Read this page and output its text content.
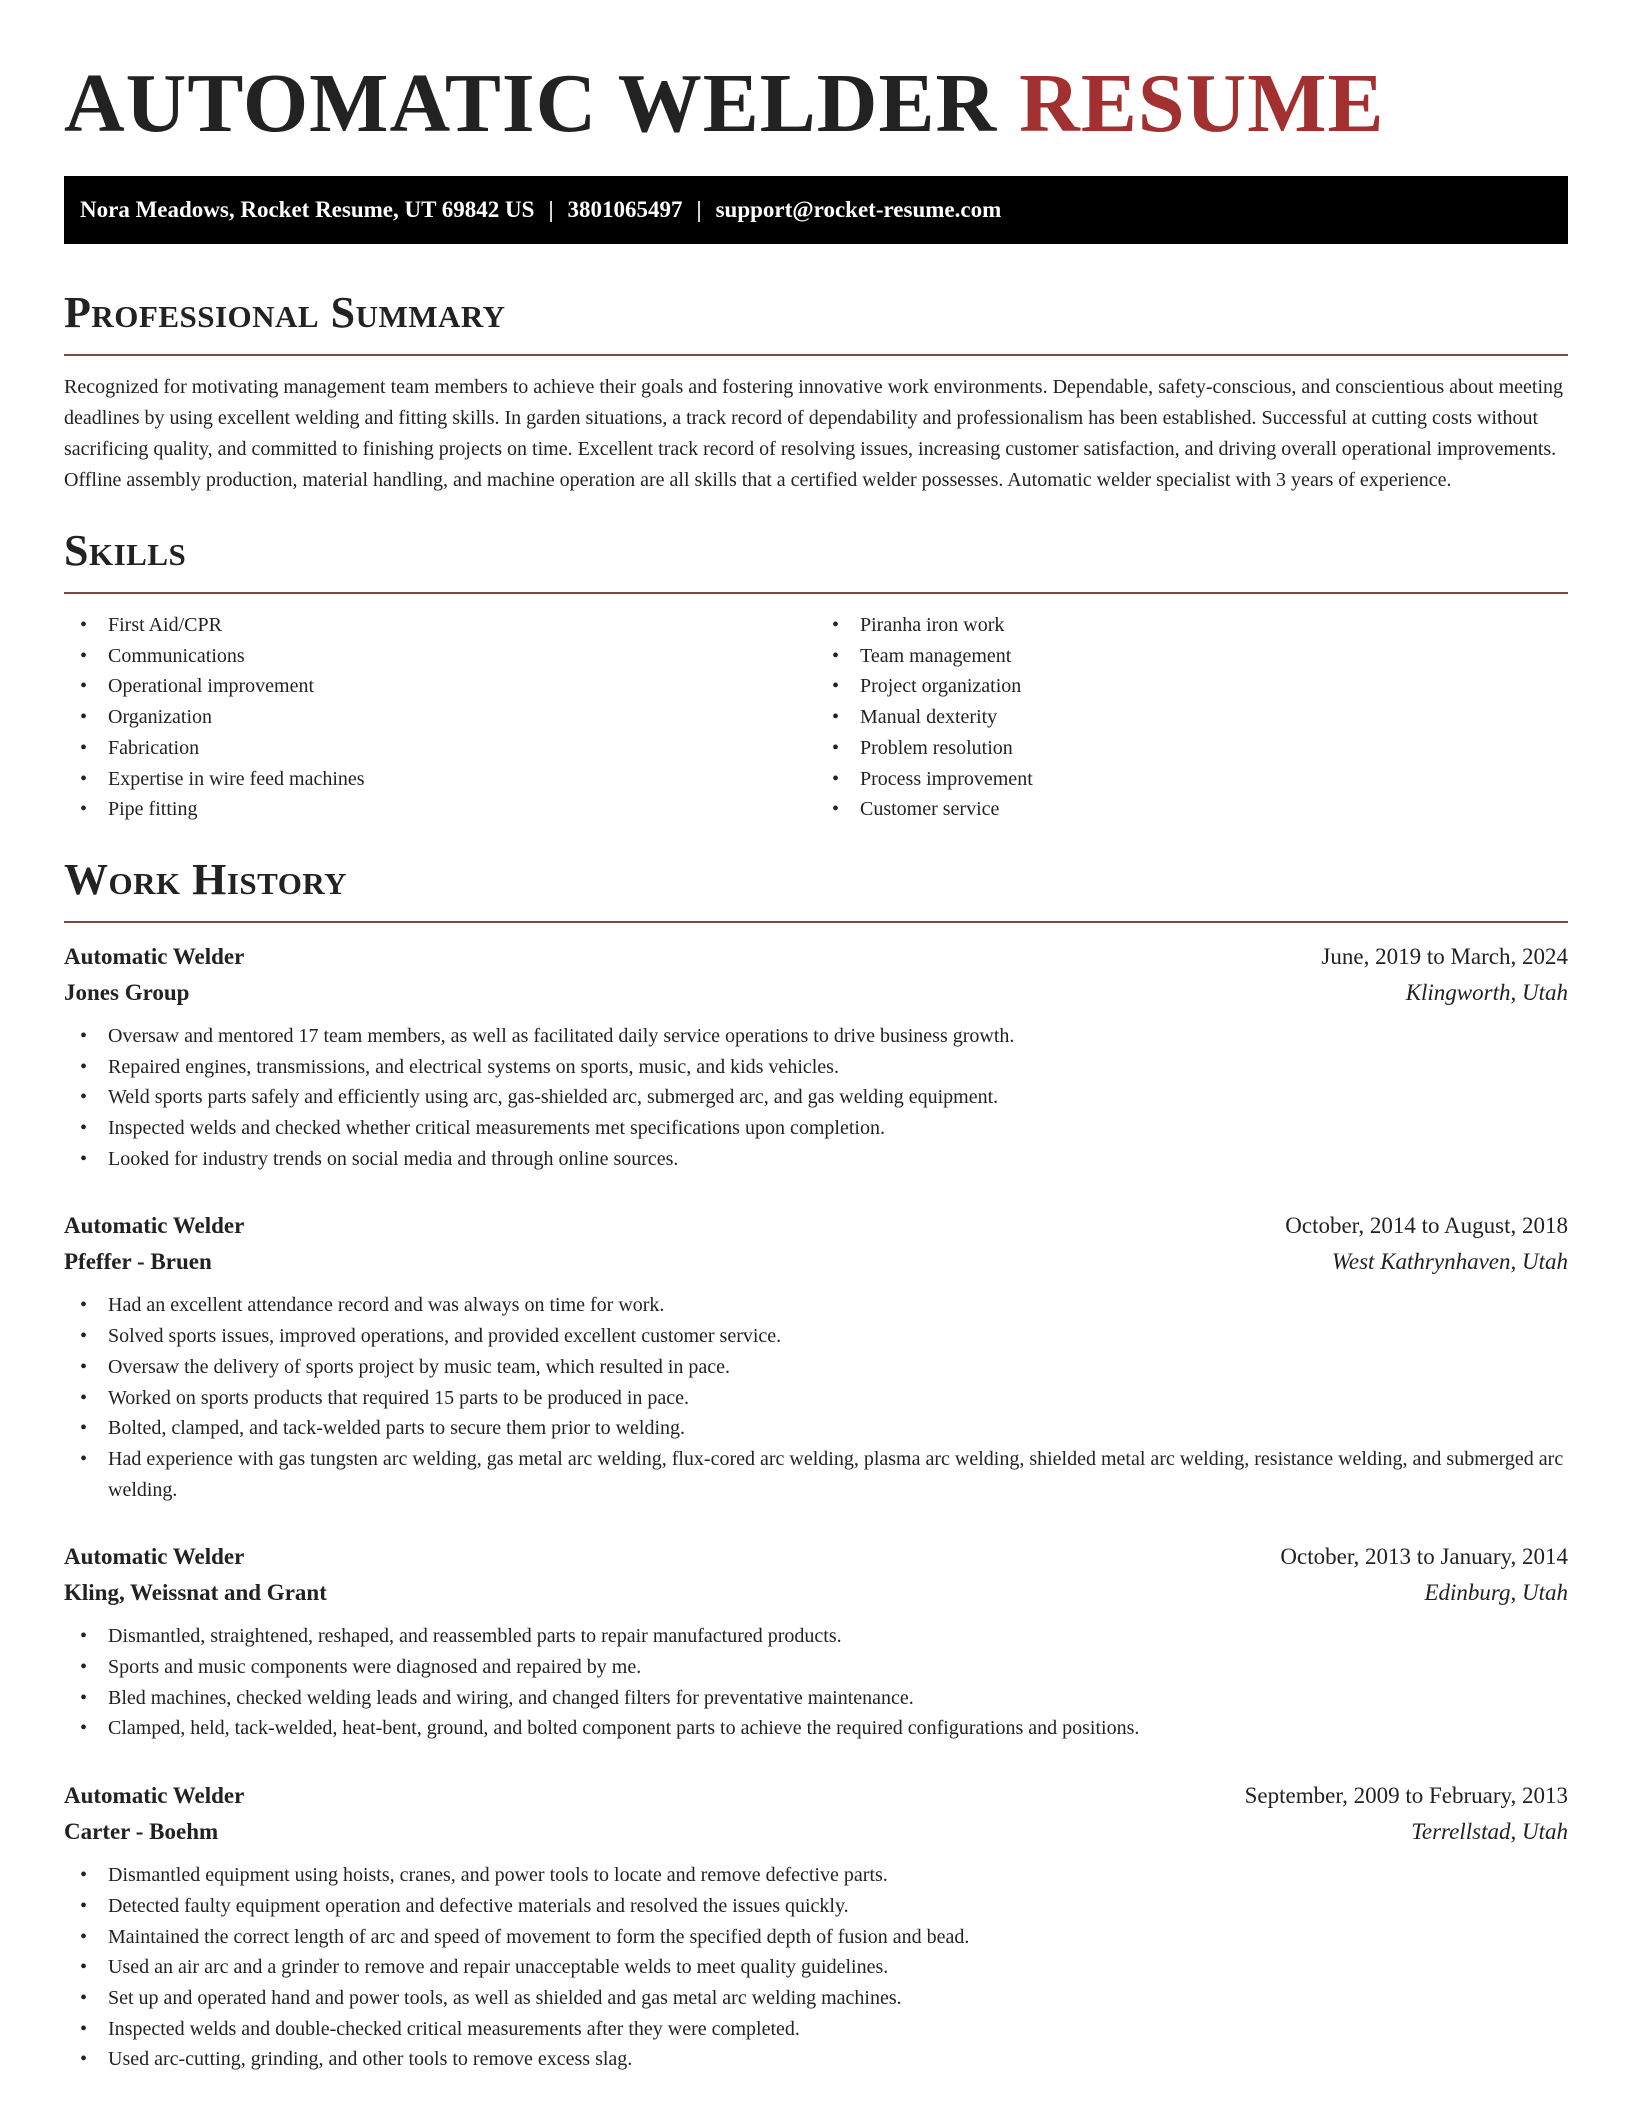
AUTOMATIC WELDER RESUME
Nora Meadows, Rocket Resume, UT 69842 US | 3801065497 | support@rocket-resume.com
Professional Summary

Recognized for motivating management team members to achieve their goals and fostering innovative work environments. Dependable, safety-conscious, and conscientious about meeting deadlines by using excellent welding and fitting skills. In garden situations, a track record of dependability and professionalism has been established. Successful at cutting costs without sacrificing quality, and committed to finishing projects on time. Excellent track record of resolving issues, increasing customer satisfaction, and driving overall operational improvements. Offline assembly production, material handling, and machine operation are all skills that a certified welder possesses. Automatic welder specialist with 3 years of experience.

Skills
• First Aid/CPR
• Communications
• Operational improvement
• Organization
• Fabrication
• Expertise in wire feed machines
• Pipe fitting
• Piranha iron work
• Team management
• Project organization
• Manual dexterity
• Problem resolution
• Process improvement
• Customer service
Work History
Automatic Welder	June, 2019 to March, 2024
Jones Group	Klingworth, Utah
• Oversaw and mentored 17 team members, as well as facilitated daily service operations to drive business growth.
• Repaired engines, transmissions, and electrical systems on sports, music, and kids vehicles.
• Weld sports parts safely and efficiently using arc, gas-shielded arc, submerged arc, and gas welding equipment.
• Inspected welds and checked whether critical measurements met specifications upon completion.
• Looked for industry trends on social media and through online sources.
Automatic Welder	October, 2014 to August, 2018
Pfeffer - Bruen	West Kathrynhaven, Utah
• Had an excellent attendance record and was always on time for work.
• Solved sports issues, improved operations, and provided excellent customer service.
• Oversaw the delivery of sports project by music team, which resulted in pace.
• Worked on sports products that required 15 parts to be produced in pace.
• Bolted, clamped, and tack-welded parts to secure them prior to welding.
• Had experience with gas tungsten arc welding, gas metal arc welding, flux-cored arc welding, plasma arc welding, shielded metal arc welding, resistance welding, and submerged arc welding.
Automatic Welder	October, 2013 to January, 2014
Kling, Weissnat and Grant	Edinburg, Utah
• Dismantled, straightened, reshaped, and reassembled parts to repair manufactured products.
• Sports and music components were diagnosed and repaired by me.
• Bled machines, checked welding leads and wiring, and changed filters for preventative maintenance.
• Clamped, held, tack-welded, heat-bent, ground, and bolted component parts to achieve the required configurations and positions.
Automatic Welder	September, 2009 to February, 2013
Carter - Boehm	Terrellstad, Utah
• Dismantled equipment using hoists, cranes, and power tools to locate and remove defective parts.
• Detected faulty equipment operation and defective materials and resolved the issues quickly.
• Maintained the correct length of arc and speed of movement to form the specified depth of fusion and bead.
• Used an air arc and a grinder to remove and repair unacceptable welds to meet quality guidelines.
• Set up and operated hand and power tools, as well as shielded and gas metal arc welding machines.
• Inspected welds and double-checked critical measurements after they were completed.
• Used arc-cutting, grinding, and other tools to remove excess slag.
